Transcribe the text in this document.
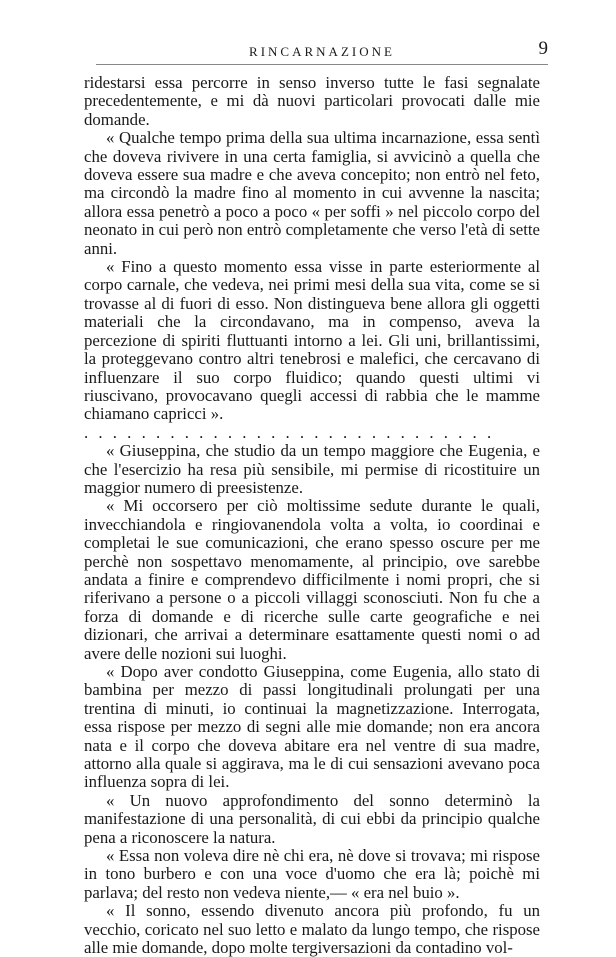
RINCARNAZIONE	9

ridestarsi essa percorre in senso inverso tutte le fasi segnalate precedentemente, e mi dà nuovi particolari provocati dalle mie domande.

« Qualche tempo prima della sua ultima incarnazione, essa sentì che doveva rivivere in una certa famiglia, si avvicinò a quella che doveva essere sua madre e che aveva concepito; non entrò nel feto, ma circondò la madre fino al momento in cui avvenne la nascita; allora essa penetrò a poco a poco « per soffi » nel piccolo corpo del neonato in cui però non entrò completamente che verso l'età di sette anni.

« Fino a questo momento essa visse in parte esteriormente al corpo carnale, che vedeva, nei primi mesi della sua vita, come se si trovasse al di fuori di esso. Non distingueva bene allora gli oggetti materiali che la circondavano, ma in compenso, aveva la percezione di spiriti fluttuanti intorno a lei. Gli uni, brillantissimi, la proteggevano contro altri tenebrosi e malefici, che cercavano di influenzare il suo corpo fluidico; quando questi ultimi vi riuscivano, provocavano quegli accessi di rabbia che le mamme chiamano capricci ».

. . . . . . . . . . . . . . . . . . . . . . . . . . . . .

« Giuseppina, che studio da un tempo maggiore che Eugenia, e che l'esercizio ha resa più sensibile, mi permise di ricostituire un maggior numero di preesistenze.

« Mi occorsero per ciò moltissime sedute durante le quali, invecchiandola e ringiovanendola volta a volta, io coordinai e completai le sue comunicazioni, che erano spesso oscure per me perchè non sospettavo menomamente, al principio, ove sarebbe andata a finire e comprendevo difficilmente i nomi propri, che si riferivano a persone o a piccoli villaggi sconosciuti. Non fu che a forza di domande e di ricerche sulle carte geografiche e nei dizionari, che arrivai a determinare esattamente questi nomi o ad avere delle nozioni sui luoghi.

« Dopo aver condotto Giuseppina, come Eugenia, allo stato di bambina per mezzo di passi longitudinali prolungati per una trentina di minuti, io continuai la magnetizzazione. Interrogata, essa rispose per mezzo di segni alle mie domande; non era ancora nata e il corpo che doveva abitare era nel ventre di sua madre, attorno alla quale si aggirava, ma le di cui sensazioni avevano poca influenza sopra di lei.

« Un nuovo approfondimento del sonno determinò la manifestazione di una personalità, di cui ebbi da principio qualche pena a riconoscere la natura.

« Essa non voleva dire nè chi era, nè dove si trovava; mi rispose in tono burbero e con una voce d'uomo che era là; poichè mi parlava; del resto non vedeva niente,— « era nel buio ».

« Il sonno, essendo divenuto ancora più profondo, fu un vecchio, coricato nel suo letto e malato da lungo tempo, che rispose alle mie domande, dopo molte tergiversazioni da contadino vol-
